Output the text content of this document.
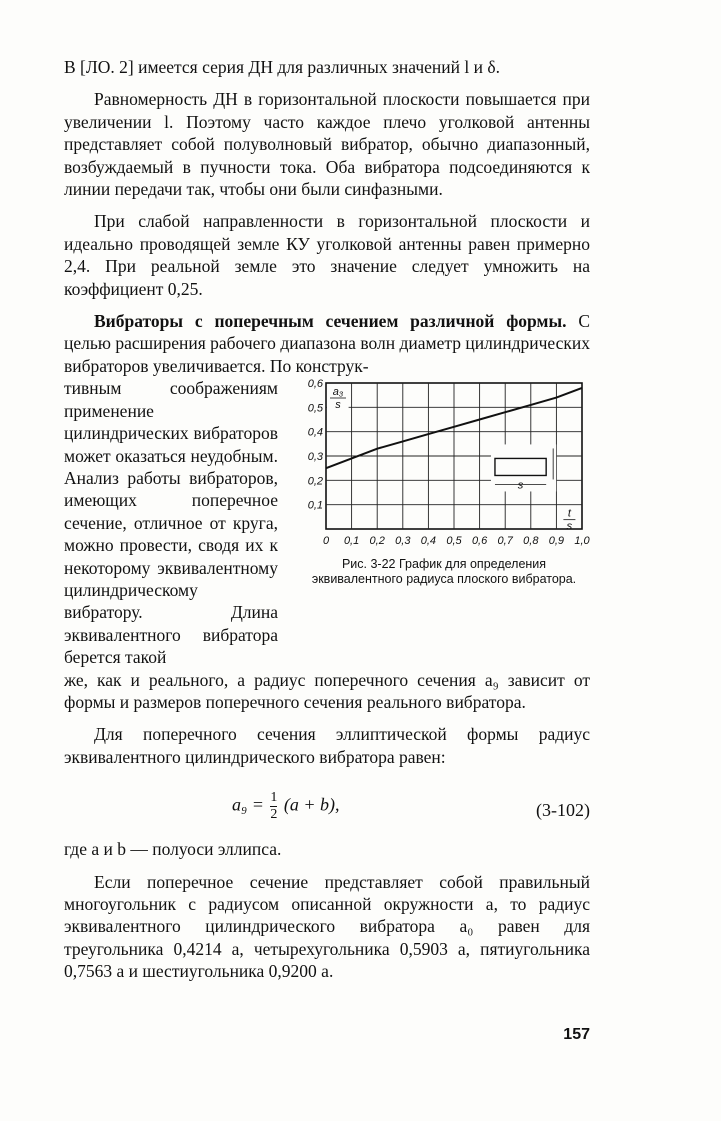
В [ЛО. 2] имеется серия ДН для различных значений l и δ.

Равномерность ДН в горизонтальной плоскости повышается при увеличении l. Поэтому часто каждое плечо уголковой антенны представляет собой полуволновый вибратор, обычно диапазонный, возбуждаемый в пучности тока. Оба вибратора подсоединяются к линии передачи так, чтобы они были синфазными.

При слабой направленности в горизонтальной плоскости и идеально проводящей земле КУ уголковой антенны равен примерно 2,4. При реальной земле это значение следует умножить на коэффициент 0,25.

Вибраторы с поперечным сечением различной формы. С целью расширения рабочего диапазона волн диаметр цилиндрических вибраторов увеличивается. По конструк-

тивным соображениям применение цилиндрических вибраторов может оказаться неудобным. Анализ работы вибраторов, имеющих поперечное сечение, отличное от круга, можно провести, сводя их к некоторому эквивалентному цилиндрическому вибратору. Длина эквивалентного вибратора берется такой

a₃
s
t
s
s
0,1
0,2
0,3
0,4
0,5
0,6
0 0,1 0,2 0,3 0,4 0,5 0,6 0,7 0,8 0,9 1,0
Рис. 3-22 График для определения эквивалентного радиуса плоского вибратора.

же, как и реального, а радиус поперечного сечения a₉ зависит от формы и размеров поперечного сечения реального вибратора.

Для поперечного сечения эллиптической формы радиус эквивалентного цилиндрического вибратора равен:

$a_9 = \frac{1}{2} (a + b)$,	(3-102)

где a и b — полуоси эллипса.

Если поперечное сечение представляет собой правильный многоугольник с радиусом описанной окружности a, то радиус эквивалентного цилиндрического вибратора a₀ равен для треугольника 0,4214 a, четырехугольника 0,5903 a, пятиугольника 0,7563 a и шестиугольника 0,9200 a.

157
